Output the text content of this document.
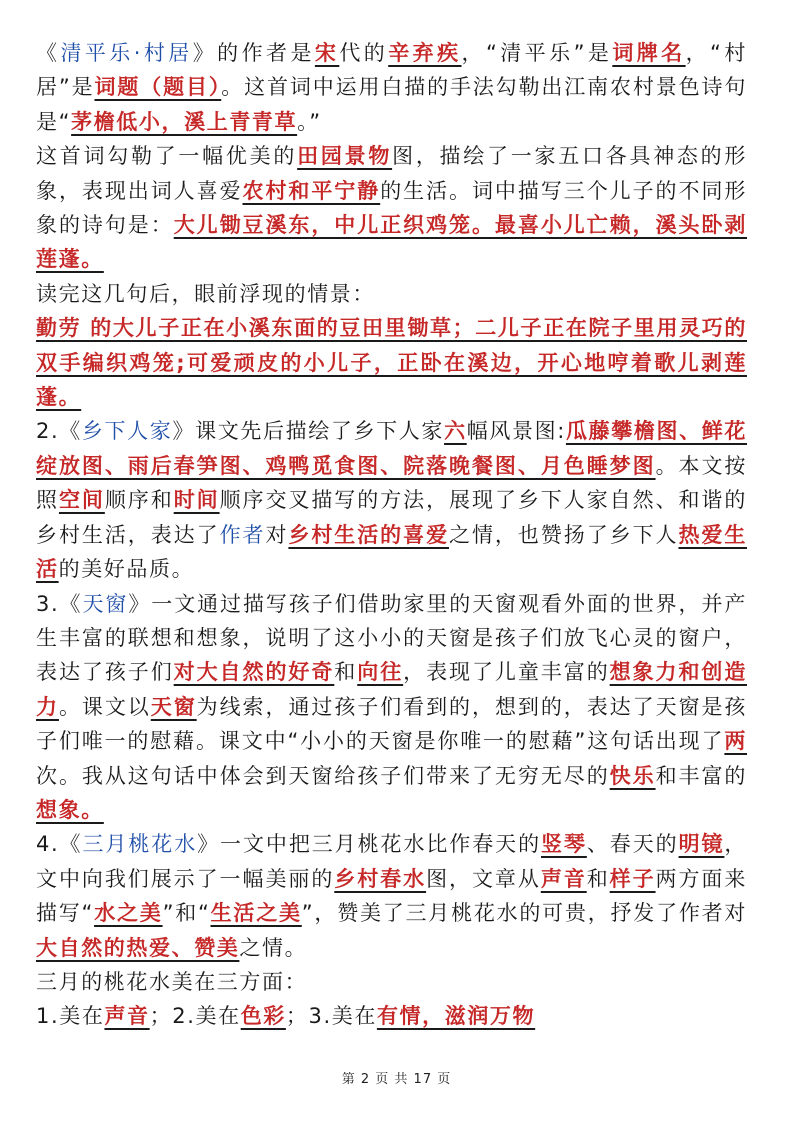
《清平乐·村居》的作者是宋代的辛弃疾，“清平乐”是词牌名，“村居”是词题（题目）。这首词中运用白描的手法勾勒出江南农村景色诗句是“茅檐低小，溪上青青草。”

这首词勾勒了一幅优美的田园景物图，描绘了一家五口各具神态的形象，表现出词人喜爱农村和平宁静的生活。词中描写三个儿子的不同形象的诗句是：大儿锄豆溪东，中儿正织鸡笼。最喜小儿亡赖，溪头卧剥莲蓬。

读完这几句后，眼前浮现的情景：

勤劳 的大儿子正在小溪东面的豆田里锄草；二儿子正在院子里用灵巧的双手编织鸡笼;可爱顽皮的小儿子，正卧在溪边，开心地哼着歌儿剥莲蓬。

2.《乡下人家》课文先后描绘了乡下人家六幅风景图:瓜藤攀檐图、鲜花绽放图、雨后春笋图、鸡鸭觅食图、院落晚餐图、月色睡梦图。本文按照空间顺序和时间顺序交叉描写的方法，展现了乡下人家自然、和谐的乡村生活，表达了作者对乡村生活的喜爱之情，也赞扬了乡下人热爱生活的美好品质。

3.《天窗》一文通过描写孩子们借助家里的天窗观看外面的世界，并产生丰富的联想和想象，说明了这小小的天窗是孩子们放飞心灵的窗户，表达了孩子们对大自然的好奇和向往，表现了儿童丰富的想象力和创造力。课文以天窗为线索，通过孩子们看到的，想到的，表达了天窗是孩子们唯一的慰藉。课文中“小小的天窗是你唯一的慰藉”这句话出现了两次。我从这句话中体会到天窗给孩子们带来了无穷无尽的快乐和丰富的想象。

4.《三月桃花水》一文中把三月桃花水比作春天的竖琴、春天的明镜，文中向我们展示了一幅美丽的乡村春水图，文章从声音和样子两方面来描写“水之美”和“生活之美”，赞美了三月桃花水的可贵，抒发了作者对大自然的热爱、赞美之情。

三月的桃花水美在三方面：

1.美在声音；2.美在色彩；3.美在有情，滋润万物

第 2 页 共 17 页
